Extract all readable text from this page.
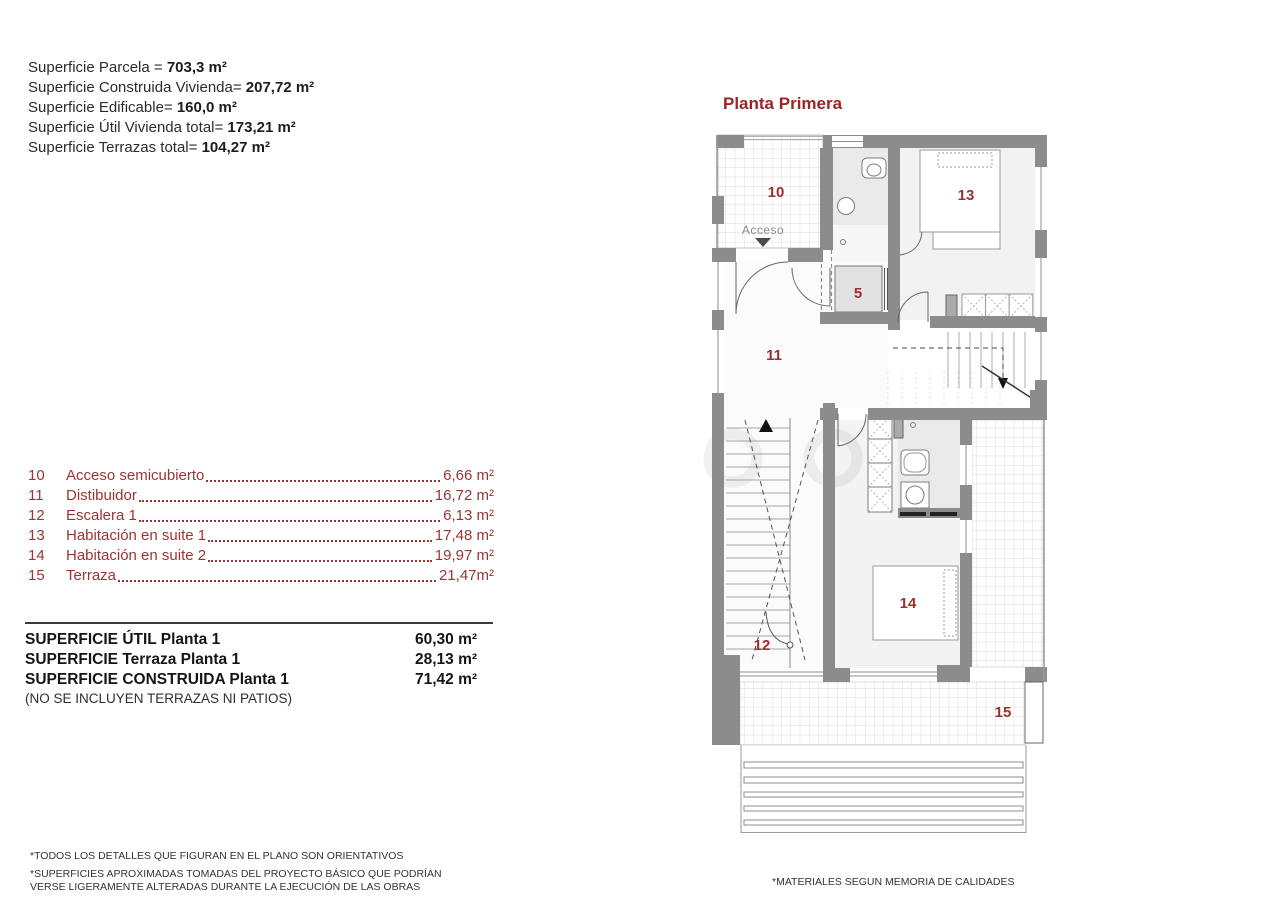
Superficie Parcela = 703,3 m²
Superficie Construida Vivienda= 207,72 m²
Superficie Edificable= 160,0 m²
Superficie Útil Vivienda total= 173,21 m²
Superficie Terrazas total= 104,27 m²
Planta Primera
10
Acceso
13
5
11
12
14
15
10	Acceso semicubierto	6,66 m²
11	Distibuidor	16,72 m²
12	Escalera 1	6,13 m²
13	Habitación en suite 1	17,48 m²
14	Habitación en suite 2	19,97 m²
15	Terraza	21,47m²
SUPERFICIE ÚTIL Planta 1	60,30 m²
SUPERFICIE Terraza Planta 1	28,13 m²
SUPERFICIE CONSTRUIDA Planta 1	71,42 m²
(NO SE INCLUYEN TERRAZAS NI PATIOS)
*TODOS LOS DETALLES QUE FIGURAN EN EL PLANO SON ORIENTATIVOS
*SUPERFICIES APROXIMADAS TOMADAS DEL PROYECTO BÁSICO QUE PODRÍAN VERSE LIGERAMENTE ALTERADAS DURANTE LA EJECUCIÓN DE LAS OBRAS	*MATERIALES SEGUN MEMORIA DE CALIDADES
